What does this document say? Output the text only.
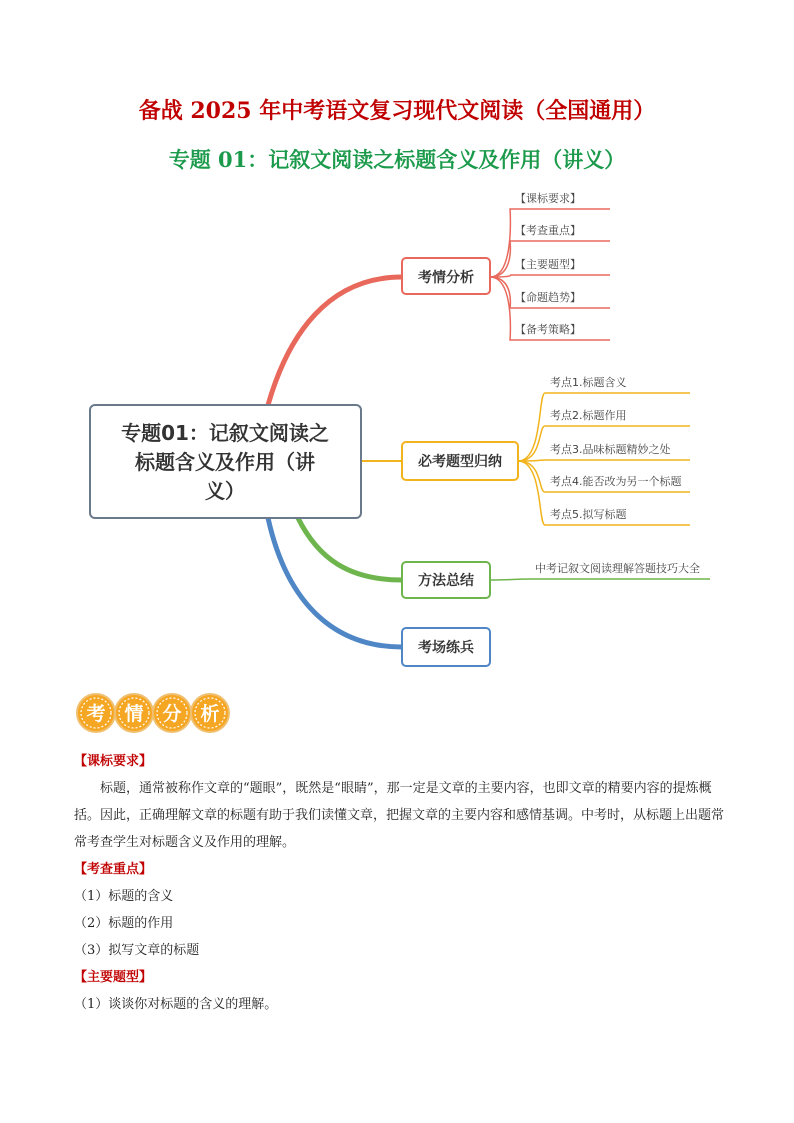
备战 2025 年中考语文复习现代文阅读（全国通用）
专题 01：记叙文阅读之标题含义及作用（讲义）
专题01：记叙文阅读之
标题含义及作用（讲
义）
考情分析
【课标要求】
【考查重点】
【主要题型】
【命题趋势】
【备考策略】
必考题型归纳
考点1.标题含义
考点2.标题作用
考点3.品味标题精妙之处
考点4.能否改为另一个标题
考点5.拟写标题
方法总结
中考记叙文阅读理解答题技巧大全
考场练兵
考 情 分 析
【课标要求】
标题，通常被称作文章的“题眼”，既然是“眼睛”，那一定是文章的主要内容，也即文章的精要内容的提炼概括。因此，正确理解文章的标题有助于我们读懂文章，把握文章的主要内容和感情基调。中考时，从标题上出题常常考查学生对标题含义及作用的理解。
【考查重点】
（1）标题的含义
（2）标题的作用
（3）拟写文章的标题
【主要题型】
（1）谈谈你对标题的含义的理解。
